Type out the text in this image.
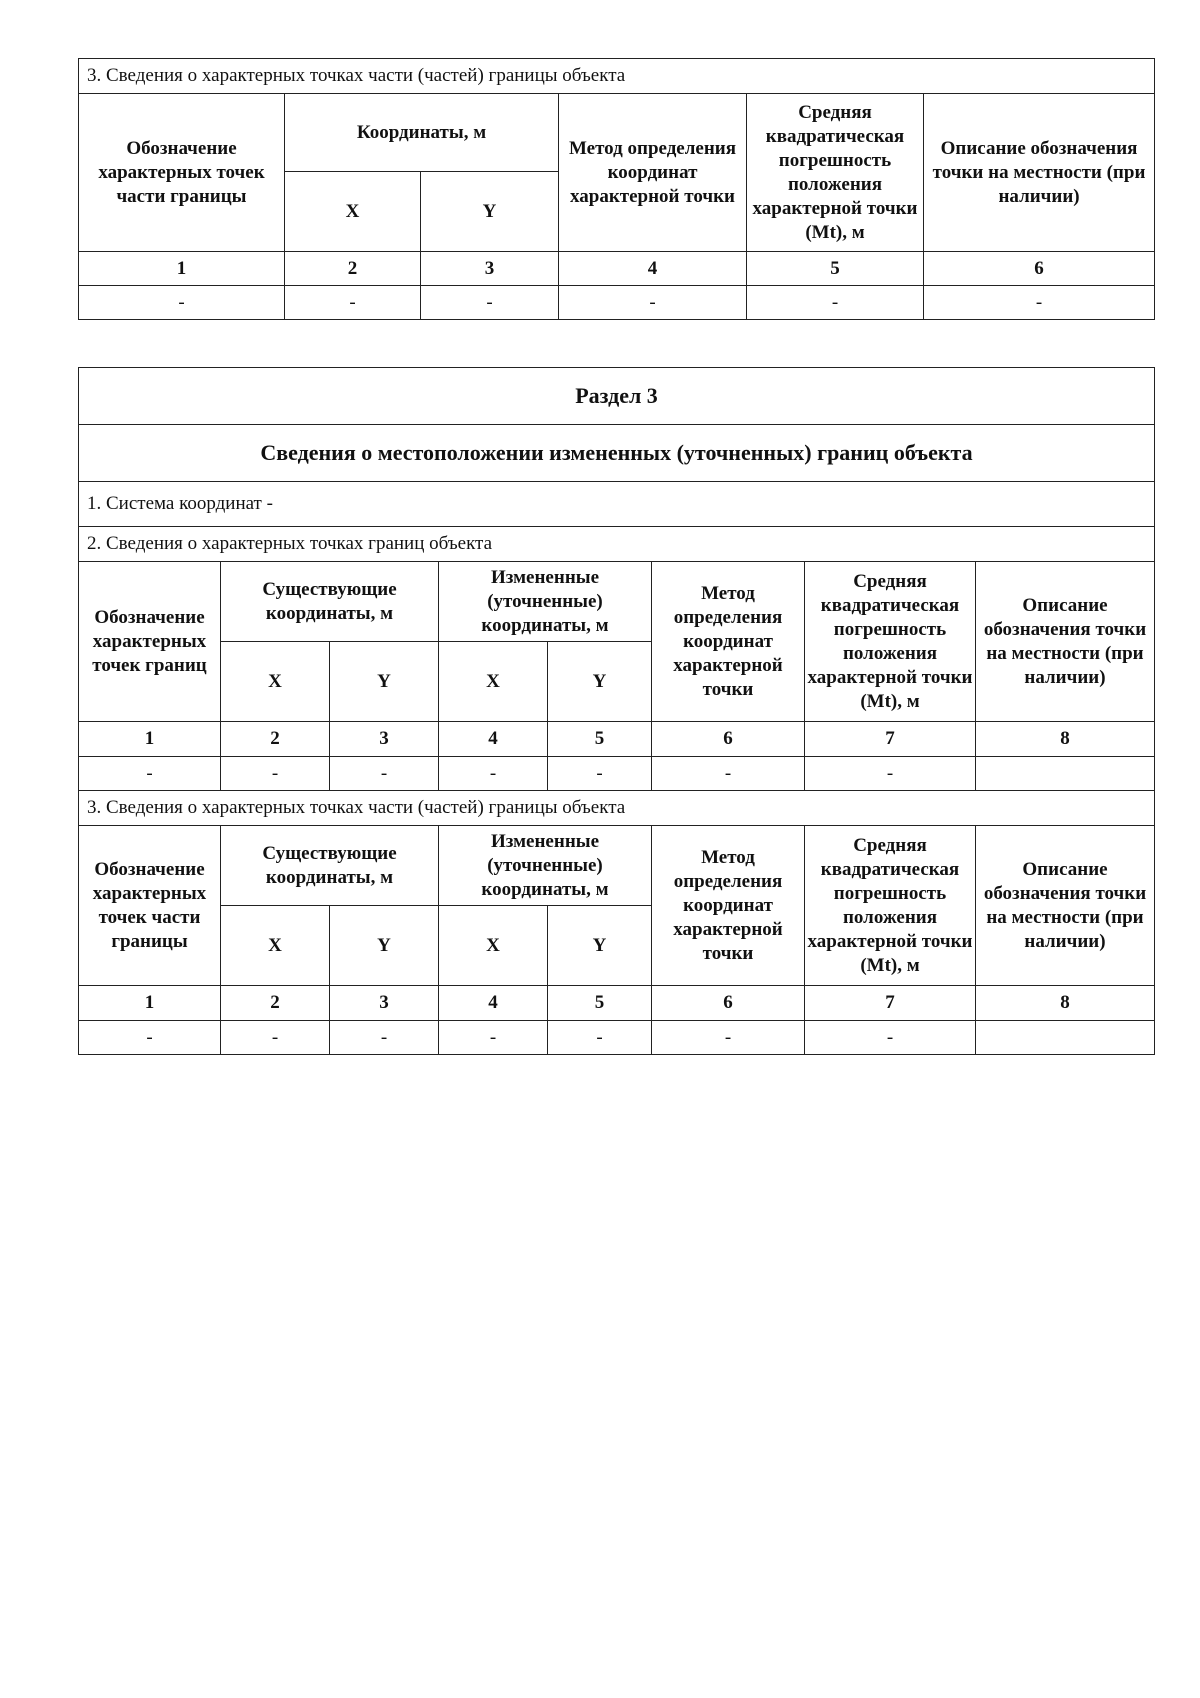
3. Сведения о характерных точках части (частей) границы объекта					
Обозначение характерных точек части границы	Координаты, м		Метод определения координат характерной точки	Средняя квадратическая погрешность положения характерной точки (Mt), м	Описание обозначения точки на местности (при наличии)
	X	Y			
1	2	3	4	5	6
-	-	-	-	-	-
Раздел 3							
Сведения о местоположении измененных (уточненных) границ объекта							
1. Система координат -							
2. Сведения о характерных точках границ объекта							
Обозначение характерных точек границ	Существующие координаты, м		Измененные (уточненные) координаты, м		Метод определения координат характерной точки	Средняя квадратическая погрешность положения характерной точки (Mt), м	Описание обозначения точки на местности (при наличии)
	X	Y	X	Y			
1	2	3	4	5	6	7	8
-	-	-	-	-	-	-	
3. Сведения о характерных точках части (частей) границы объекта							
Обозначение характерных точек части границы	Существующие координаты, м		Измененные (уточненные) координаты, м		Метод определения координат характерной точки	Средняя квадратическая погрешность положения характерной точки (Mt), м	Описание обозначения точки на местности (при наличии)
	X	Y	X	Y			
1	2	3	4	5	6	7	8
-	-	-	-	-	-	-	
